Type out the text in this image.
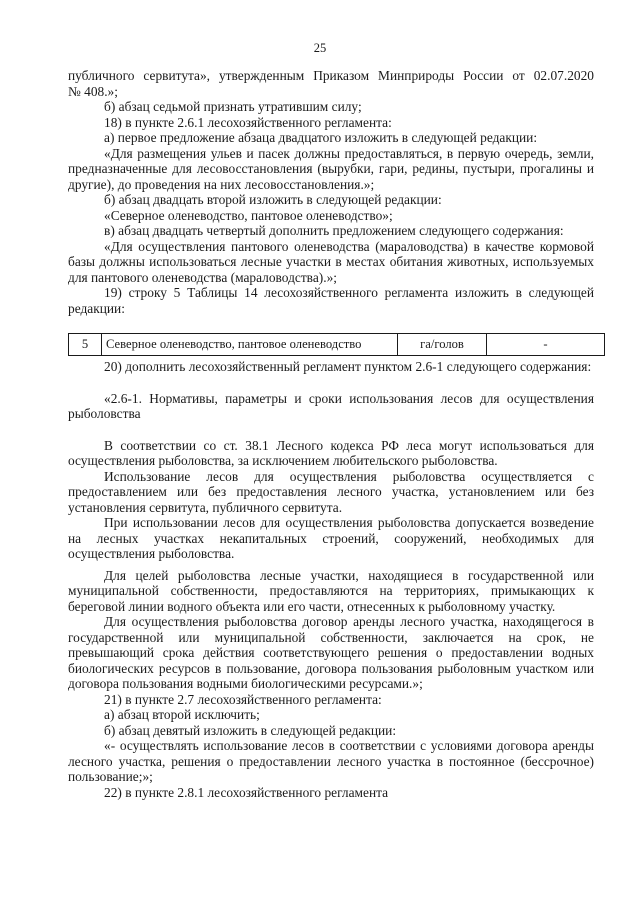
25

публичного сервитута», утвержденным Приказом Минприроды России от 02.07.2020

№ 408.»;

б) абзац седьмой признать утратившим силу;

18) в пункте 2.6.1 лесохозяйственного регламента:

а) первое предложение абзаца двадцатого изложить в следующей редакции:

«Для размещения ульев и пасек должны предоставляться, в первую очередь, земли, предназначенные для лесовосстановления (вырубки, гари, редины, пустыри, прогалины и другие), до проведения на них лесовосстановления.»;

б) абзац двадцать второй изложить в следующей редакции:

«Северное оленеводство, пантовое оленеводство»;

в) абзац двадцать четвертый дополнить предложением следующего содержания:

«Для осуществления пантового оленеводства (мараловодства) в качестве кормовой базы должны использоваться лесные участки в местах обитания животных, используемых для пантового оленеводства (мараловодства).»;

19) строку 5 Таблицы 14 лесохозяйственного регламента изложить в следующей редакции:

5	Северное оленеводство, пантовое оленеводство	га/голов	-

20) дополнить лесохозяйственный регламент пунктом 2.6-1 следующего содержания:

«2.6-1. Нормативы, параметры и сроки использования лесов для осуществления рыболовства

В соответствии со ст. 38.1 Лесного кодекса РФ леса могут использоваться для осуществления рыболовства, за исключением любительского рыболовства.

Использование лесов для осуществления рыболовства осуществляется с предоставлением или без предоставления лесного участка, установлением или без установления сервитута, публичного сервитута.

При использовании лесов для осуществления рыболовства допускается возведение на лесных участках некапитальных строений, сооружений, необходимых для осуществления рыболовства.

Для целей рыболовства лесные участки, находящиеся в государственной или муниципальной собственности, предоставляются на территориях, примыкающих к береговой линии водного объекта или его части, отнесенных к рыболовному участку.

Для осуществления рыболовства договор аренды лесного участка, находящегося в государственной или муниципальной собственности, заключается на срок, не превышающий срока действия соответствующего решения о предоставлении водных биологических ресурсов в пользование, договора пользования рыболовным участком или договора пользования водными биологическими ресурсами.»;

21) в пункте 2.7 лесохозяйственного регламента:

а) абзац второй исключить;

б) абзац девятый изложить в следующей редакции:

«- осуществлять использование лесов в соответствии с условиями договора аренды лесного участка, решения о предоставлении лесного участка в постоянное (бессрочное) пользование;»;

22) в пункте 2.8.1 лесохозяйственного регламента
